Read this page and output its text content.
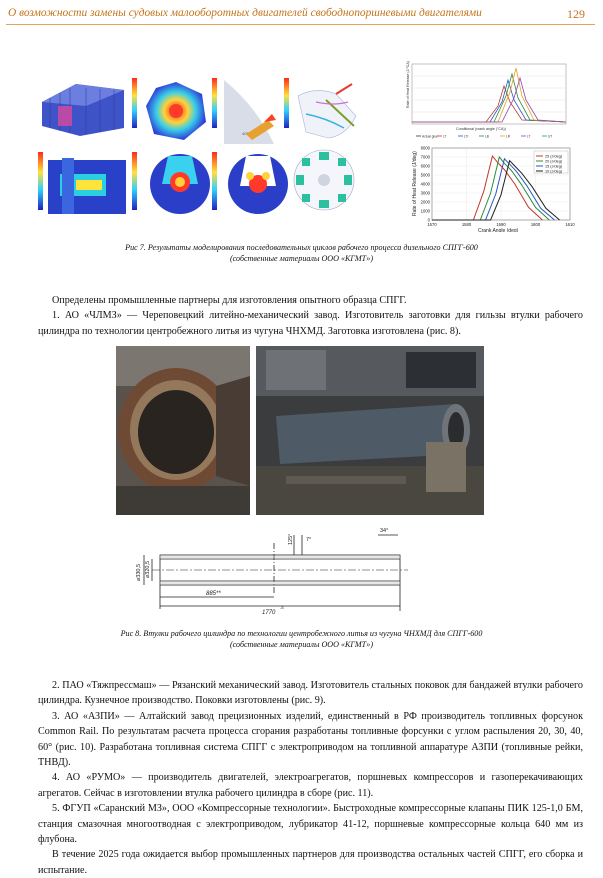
О возможности замены судовых малооборотных двигателей свободнопоршневыми двигателями	129
40°
Rate of Heat Release (J/°CA)
Conditional (crank angle (°CA))
Actual glue LT	LTI	LB	LR	LT	UT
0
1000
2000
3000
4000
5000
6000
7000
8000
1570	1580	1590	1600	1610
25 (J/deg)
20 (J/deg)
15 (J/deg)
10 (J/deg)
Rate of Heat Release (J/deg)
Crank Angle (deg)
Рис 7. Результаты моделирования последовательных циклов рабочего процесса дизельного СПГГ-600
(собственные материалы ООО «КГМТ»)

Определены промышленные партнеры для изготовления опытного образца СПГГ.

1. АО «ЧЛМЗ» — Череповецкий литейно-механический завод. Изготовитель заготовки для гильзы втулки рабочего цилиндра по технологии центробежного литья из чугуна ЧНХМД. Заготовка изготовлена (рис. 8).

⌀330,5 ⌀320,5
125° 7°
34°
885**
1770
-5
Рис 8. Втулки рабочего цилиндра по технологии центробежного литья из чугуна ЧНХМД для СПГГ-600
(собственные материалы ООО «КГМТ»)

2. ПАО «Тяжпрессмаш» — Рязанский механический завод. Изготовитель стальных поковок для бандажей втулки рабочего цилиндра. Кузнечное производство. Поковки изготовлены (рис. 9).

3. АО «АЗПИ» — Алтайский завод прецизионных изделий, единственный в РФ производитель топливных форсунок Common Rail. По результатам расчета процесса сгорания разработаны топливные форсунки с углом распыления 20, 30, 40, 60° (рис. 10). Разработана топливная система СПГГ с электроприводом на топливной аппаратуре АЗПИ (топливные рейки, ТНВД).

4. АО «РУМО» — производитель двигателей, электроагрегатов, поршневых компрессоров и газоперекачивающих агрегатов. Сейчас в изготовлении втулка рабочего цилиндра в сборе (рис. 11).

5. ФГУП «Саранский МЗ», ООО «Компрессорные технологии». Быстроходные компрессорные клапаны ПИК 125-1,0 БМ, станция смазочная многоотводная с электроприводом, лубрикатор 41-12, поршневые компрессорные кольца 640 мм из флубона.

В течение 2025 года ожидается выбор промышленных партнеров для производства остальных частей СПГГ, его сборка и испытание.
